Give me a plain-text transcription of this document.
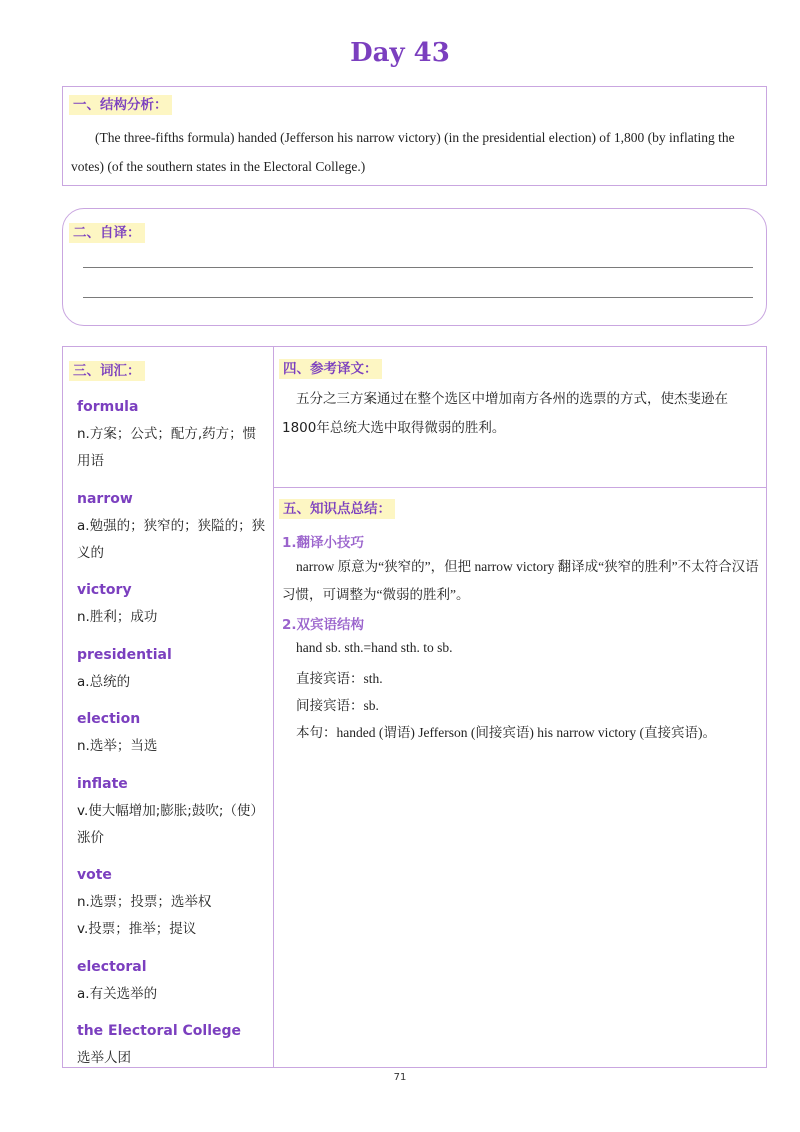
Day 43
一、结构分析：
(The three-fifths formula) handed (Jefferson his narrow victory) (in the presidential election) of 1,800 (by inflating the votes) (of the southern states in the Electoral College.)
二、自译：
三、词汇：
formula
n.方案；公式；配方,药方；惯用语
narrow
a.勉强的；狭窄的；狭隘的；狭义的
victory
n.胜利；成功
presidential
a.总统的
election
n.选举；当选
inflate
v.使大幅增加;膨胀;鼓吹;（使）涨价
vote
n.选票；投票；选举权
v.投票；推举；提议
electoral
a.有关选举的
the Electoral College
选举人团
四、参考译文：
五分之三方案通过在整个选区中增加南方各州的选票的方式，使杰斐逊在1800年总统大选中取得微弱的胜利。
五、知识点总结：
1.翻译小技巧
narrow 原意为“狭窄的”，但把 narrow victory 翻译成“狭窄的胜利”不太符合汉语习惯，可调整为“微弱的胜利”。
2.双宾语结构
hand sb. sth.=hand sth. to sb.
直接宾语：sth.
间接宾语：sb.
本句：handed (谓语) Jefferson (间接宾语) his narrow victory (直接宾语)。
71
